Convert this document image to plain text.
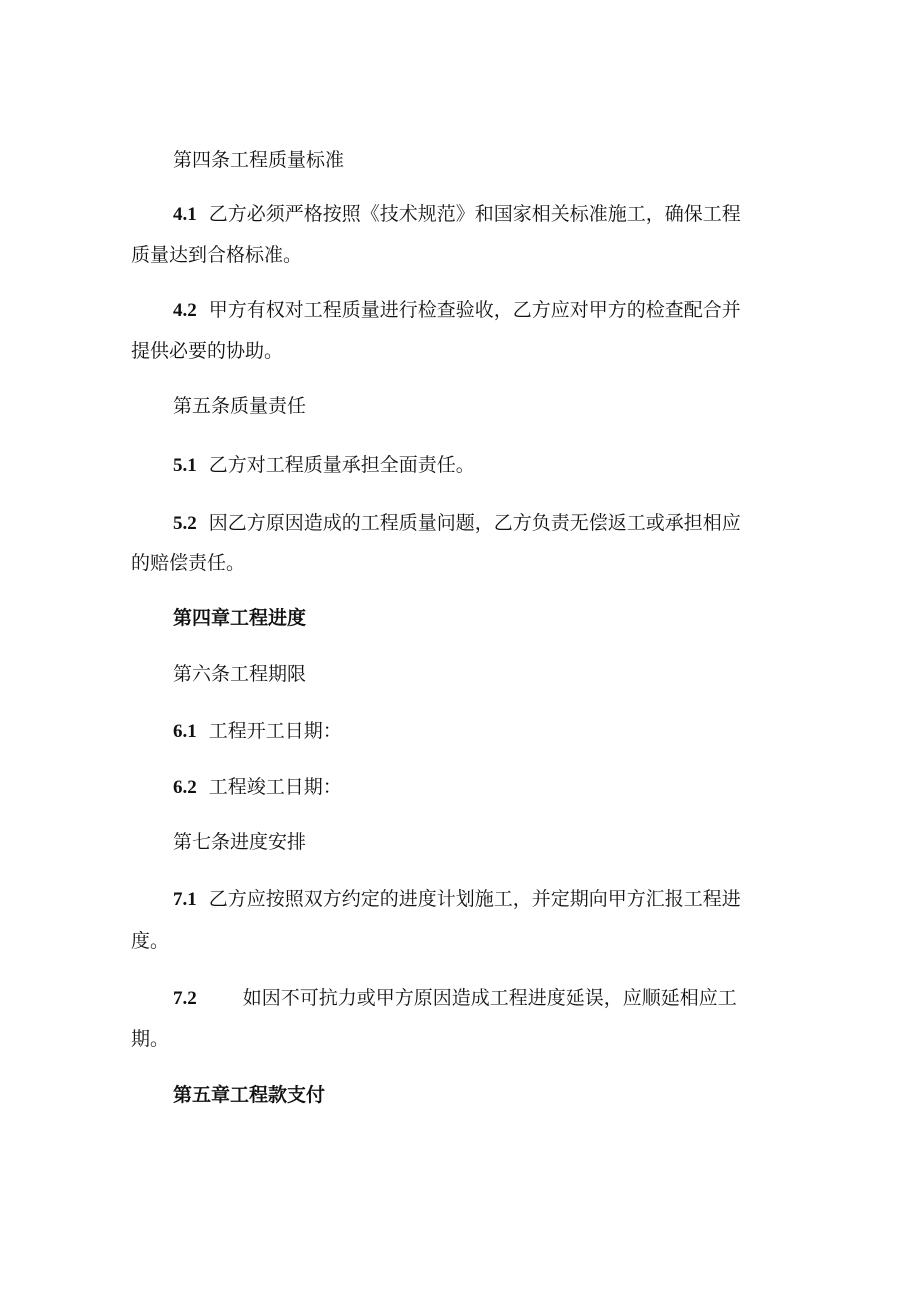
第四条工程质量标准
4.1 乙方必须严格按照《技术规范》和国家相关标准施工，确保工程
质量达到合格标准。
4.2 甲方有权对工程质量进行检查验收，乙方应对甲方的检查配合并
提供必要的协助。
第五条质量责任
5.1 乙方对工程质量承担全面责任。
5.2 因乙方原因造成的工程质量问题，乙方负责无偿返工或承担相应
的赔偿责任。
第四章工程进度
第六条工程期限
6.1 工程开工日期：
6.2 工程竣工日期：
第七条进度安排
7.1 乙方应按照双方约定的进度计划施工，并定期向甲方汇报工程进
度。
7.2 如因不可抗力或甲方原因造成工程进度延误，应顺延相应工
期。
第五章工程款支付
